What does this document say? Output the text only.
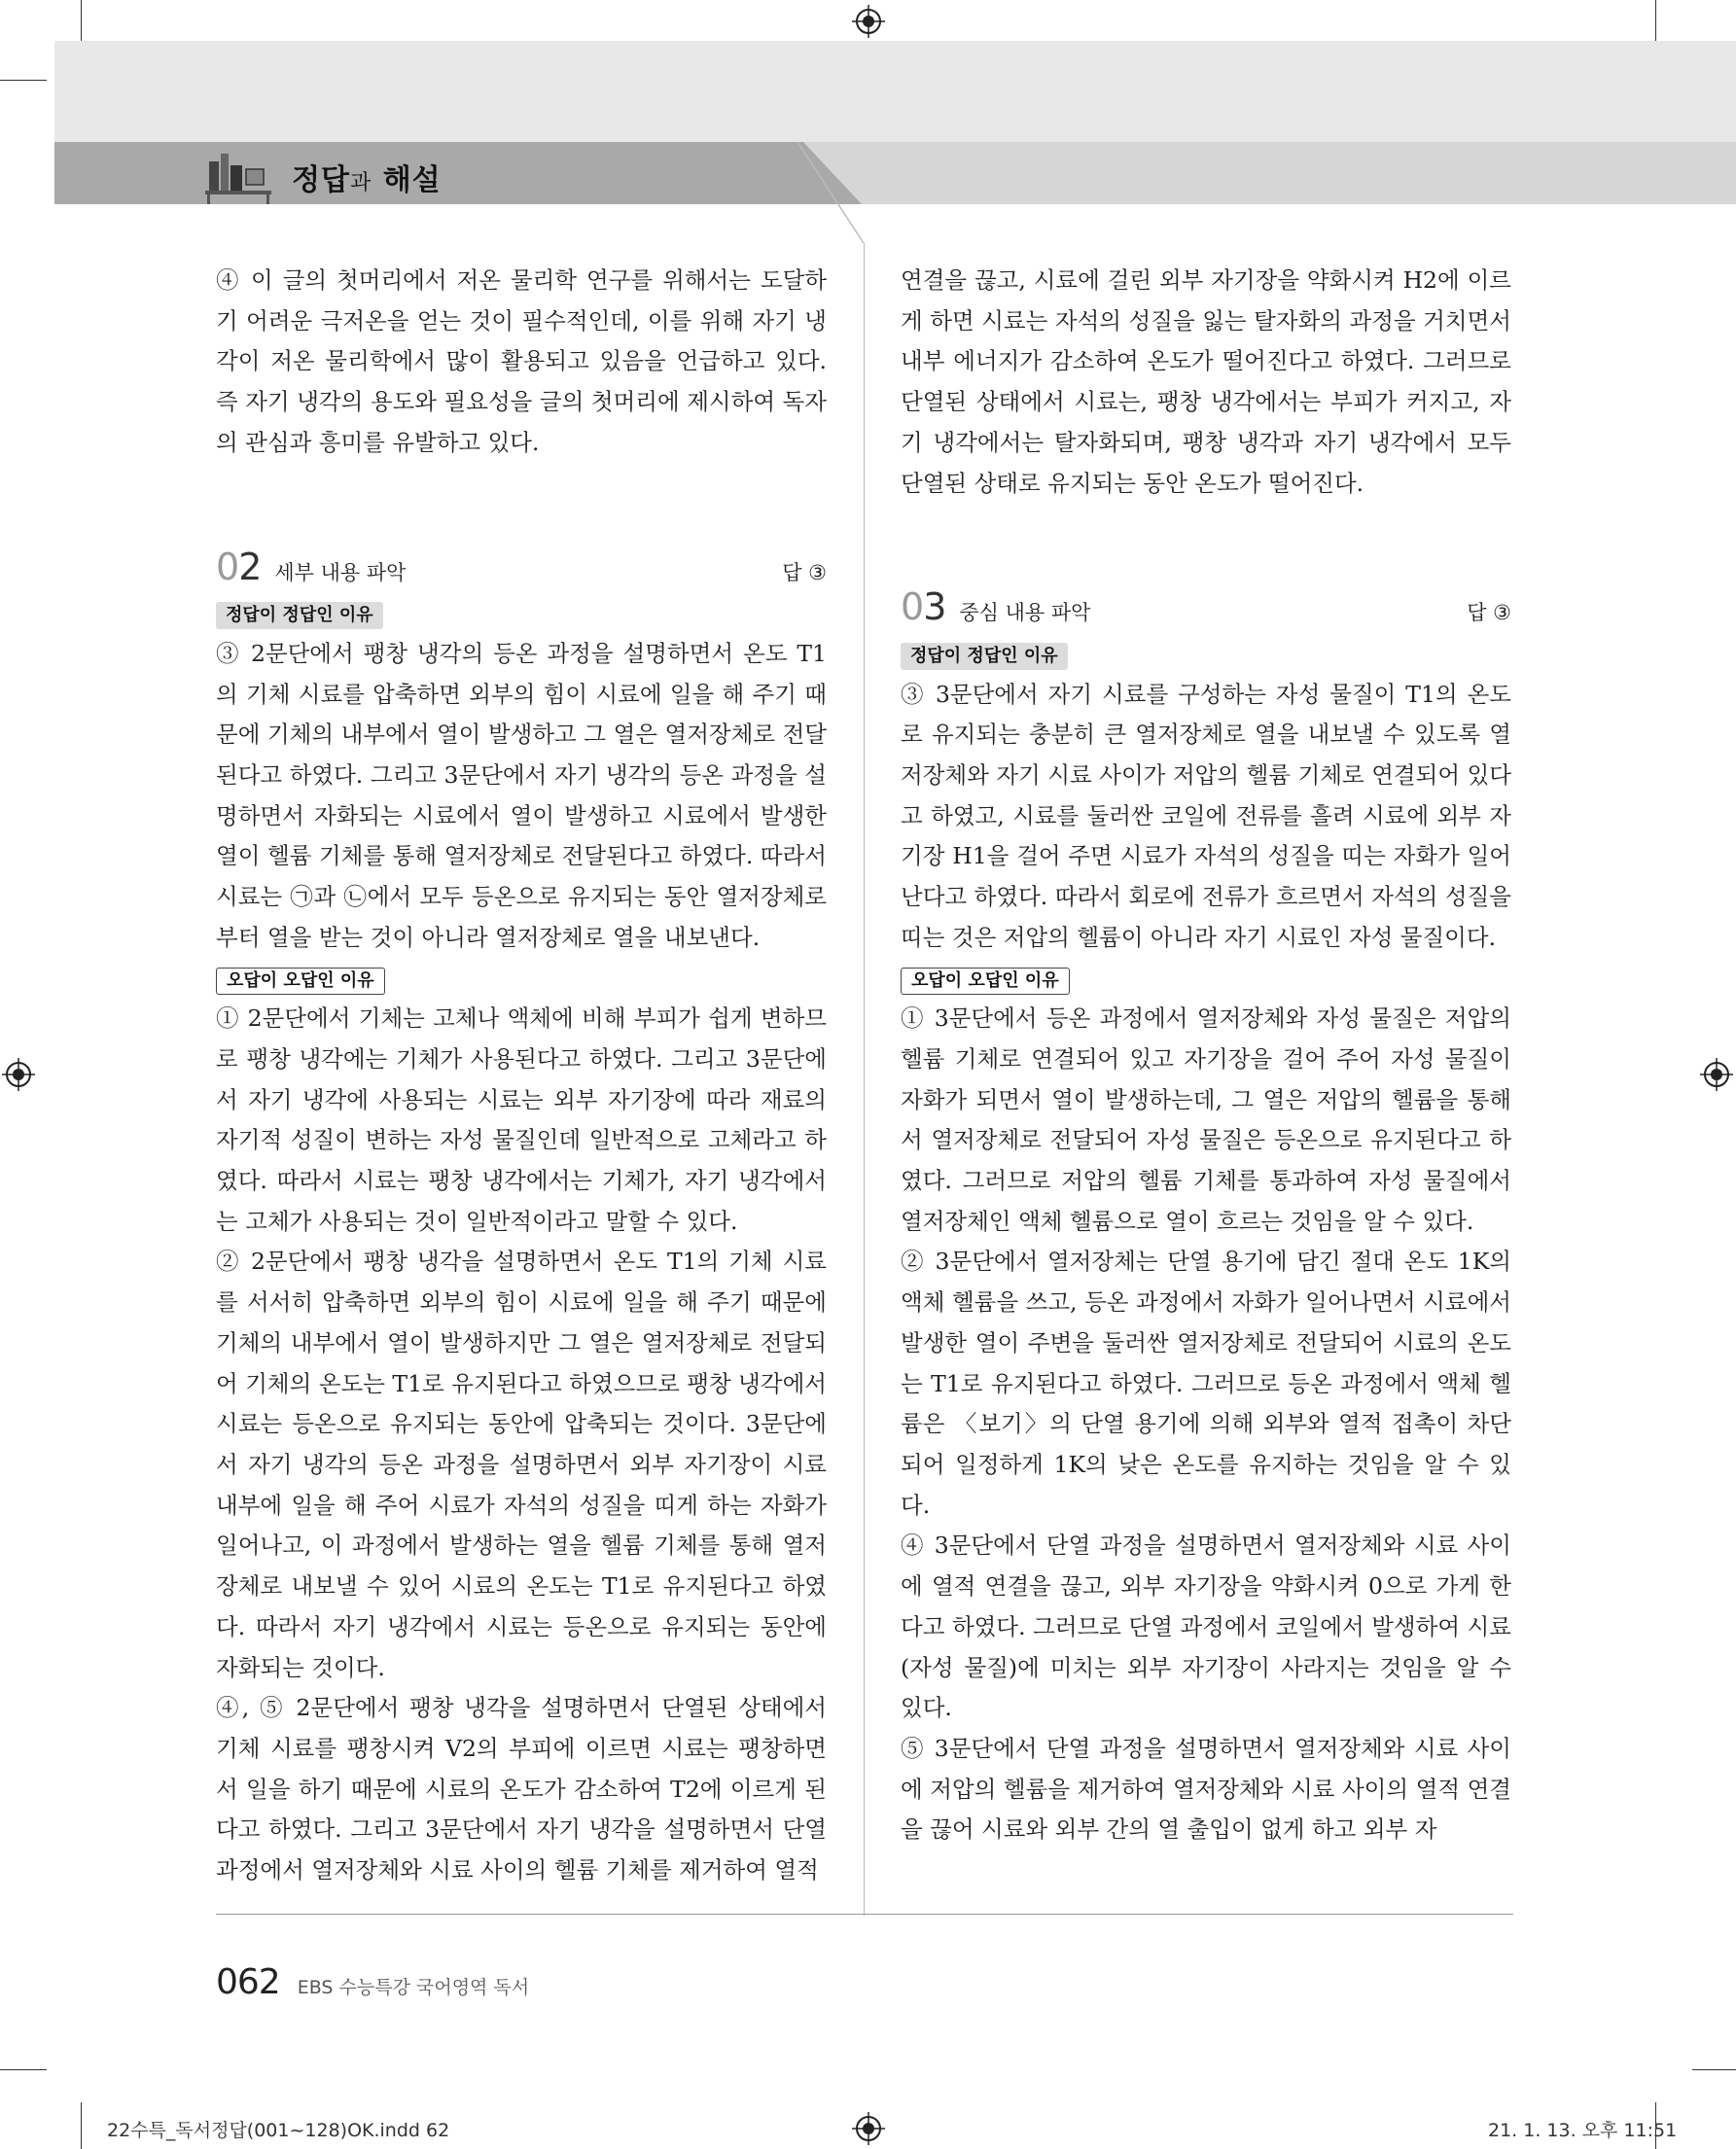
정답과 해설

④ 이 글의 첫머리에서 저온 물리학 연구를 위해서는 도달하기 어려운 극저온을 얻는 것이 필수적인데, 이를 위해 자기 냉각이 저온 물리학에서 많이 활용되고 있음을 언급하고 있다. 즉 자기 냉각의 용도와 필요성을 글의 첫머리에 제시하여 독자의 관심과 흥미를 유발하고 있다.

02 세부 내용 파악	답 ③
정답이 정답인 이유

③ 2문단에서 팽창 냉각의 등온 과정을 설명하면서 온도 T1의 기체 시료를 압축하면 외부의 힘이 시료에 일을 해 주기 때문에 기체의 내부에서 열이 발생하고 그 열은 열저장체로 전달된다고 하였다. 그리고 3문단에서 자기 냉각의 등온 과정을 설명하면서 자화되는 시료에서 열이 발생하고 시료에서 발생한 열이 헬륨 기체를 통해 열저장체로 전달된다고 하였다. 따라서 시료는 ㉠과 ㉡에서 모두 등온으로 유지되는 동안 열저장체로부터 열을 받는 것이 아니라 열저장체로 열을 내보낸다.

오답이 오답인 이유

① 2문단에서 기체는 고체나 액체에 비해 부피가 쉽게 변하므로 팽창 냉각에는 기체가 사용된다고 하였다. 그리고 3문단에서 자기 냉각에 사용되는 시료는 외부 자기장에 따라 재료의 자기적 성질이 변하는 자성 물질인데 일반적으로 고체라고 하였다. 따라서 시료는 팽창 냉각에서는 기체가, 자기 냉각에서는 고체가 사용되는 것이 일반적이라고 말할 수 있다.

② 2문단에서 팽창 냉각을 설명하면서 온도 T1의 기체 시료를 서서히 압축하면 외부의 힘이 시료에 일을 해 주기 때문에 기체의 내부에서 열이 발생하지만 그 열은 열저장체로 전달되어 기체의 온도는 T1로 유지된다고 하였으므로 팽창 냉각에서 시료는 등온으로 유지되는 동안에 압축되는 것이다. 3문단에서 자기 냉각의 등온 과정을 설명하면서 외부 자기장이 시료 내부에 일을 해 주어 시료가 자석의 성질을 띠게 하는 자화가 일어나고, 이 과정에서 발생하는 열을 헬륨 기체를 통해 열저장체로 내보낼 수 있어 시료의 온도는 T1로 유지된다고 하였다. 따라서 자기 냉각에서 시료는 등온으로 유지되는 동안에 자화되는 것이다.

④, ⑤ 2문단에서 팽창 냉각을 설명하면서 단열된 상태에서 기체 시료를 팽창시켜 V2의 부피에 이르면 시료는 팽창하면서 일을 하기 때문에 시료의 온도가 감소하여 T2에 이르게 된다고 하였다. 그리고 3문단에서 자기 냉각을 설명하면서 단열 과정에서 열저장체와 시료 사이의 헬륨 기체를 제거하여 열적

연결을 끊고, 시료에 걸린 외부 자기장을 약화시켜 H2에 이르게 하면 시료는 자석의 성질을 잃는 탈자화의 과정을 거치면서 내부 에너지가 감소하여 온도가 떨어진다고 하였다. 그러므로 단열된 상태에서 시료는, 팽창 냉각에서는 부피가 커지고, 자기 냉각에서는 탈자화되며, 팽창 냉각과 자기 냉각에서 모두 단열된 상태로 유지되는 동안 온도가 떨어진다.

03 중심 내용 파악	답 ③
정답이 정답인 이유

③ 3문단에서 자기 시료를 구성하는 자성 물질이 T1의 온도로 유지되는 충분히 큰 열저장체로 열을 내보낼 수 있도록 열저장체와 자기 시료 사이가 저압의 헬륨 기체로 연결되어 있다고 하였고, 시료를 둘러싼 코일에 전류를 흘려 시료에 외부 자기장 H1을 걸어 주면 시료가 자석의 성질을 띠는 자화가 일어난다고 하였다. 따라서 회로에 전류가 흐르면서 자석의 성질을 띠는 것은 저압의 헬륨이 아니라 자기 시료인 자성 물질이다.

오답이 오답인 이유

① 3문단에서 등온 과정에서 열저장체와 자성 물질은 저압의 헬륨 기체로 연결되어 있고 자기장을 걸어 주어 자성 물질이 자화가 되면서 열이 발생하는데, 그 열은 저압의 헬륨을 통해서 열저장체로 전달되어 자성 물질은 등온으로 유지된다고 하였다. 그러므로 저압의 헬륨 기체를 통과하여 자성 물질에서 열저장체인 액체 헬륨으로 열이 흐르는 것임을 알 수 있다.

② 3문단에서 열저장체는 단열 용기에 담긴 절대 온도 1K의 액체 헬륨을 쓰고, 등온 과정에서 자화가 일어나면서 시료에서 발생한 열이 주변을 둘러싼 열저장체로 전달되어 시료의 온도는 T1로 유지된다고 하였다. 그러므로 등온 과정에서 액체 헬륨은 〈보기〉의 단열 용기에 의해 외부와 열적 접촉이 차단되어 일정하게 1K의 낮은 온도를 유지하는 것임을 알 수 있다.

④ 3문단에서 단열 과정을 설명하면서 열저장체와 시료 사이에 열적 연결을 끊고, 외부 자기장을 약화시켜 0으로 가게 한다고 하였다. 그러므로 단열 과정에서 코일에서 발생하여 시료(자성 물질)에 미치는 외부 자기장이 사라지는 것임을 알 수 있다.

⑤ 3문단에서 단열 과정을 설명하면서 열저장체와 시료 사이에 저압의 헬륨을 제거하여 열저장체와 시료 사이의 열적 연결을 끊어 시료와 외부 간의 열 출입이 없게 하고 외부 자

062 EBS 수능특강 국어영역 독서
22수특_독서정답(001~128)OK.indd 62	21. 1. 13. 오후 11:51
